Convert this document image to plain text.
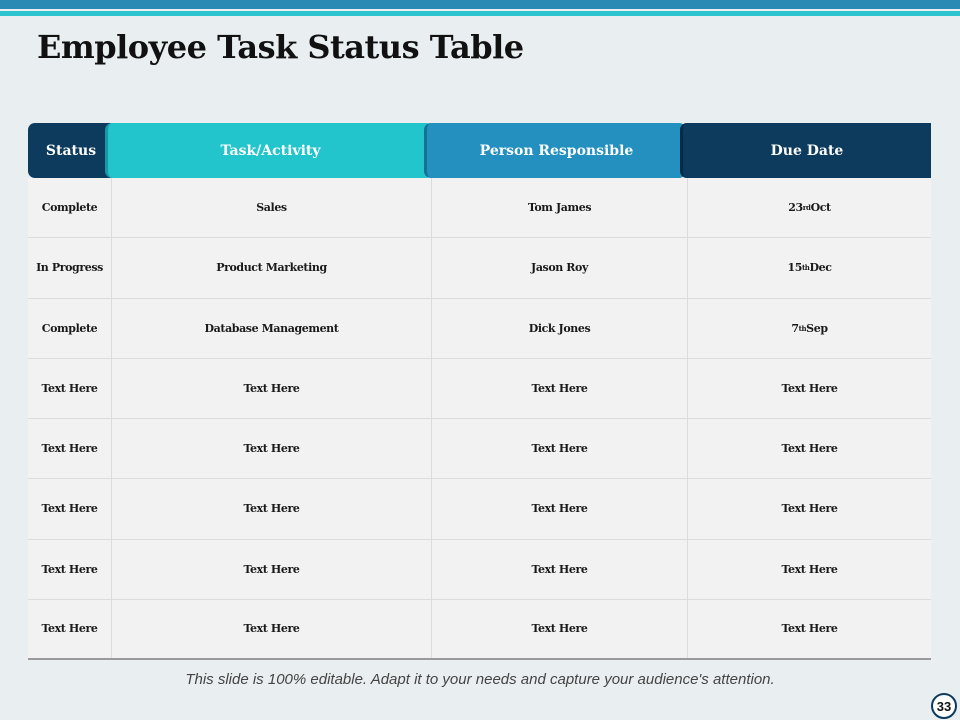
Employee Task Status Table
Status	Task/Activity	Person Responsible	Due Date
Complete	Sales	Tom James	23 rd Oct
In Progress	Product Marketing	Jason Roy	15 th Dec
Complete	Database Management	Dick Jones	7 th Sep
Text Here	Text Here	Text Here	Text Here
Text Here	Text Here	Text Here	Text Here
Text Here	Text Here	Text Here	Text Here
Text Here	Text Here	Text Here	Text Here
Text Here	Text Here	Text Here	Text Here
This slide is 100% editable. Adapt it to your needs and capture your audience's attention.
33
